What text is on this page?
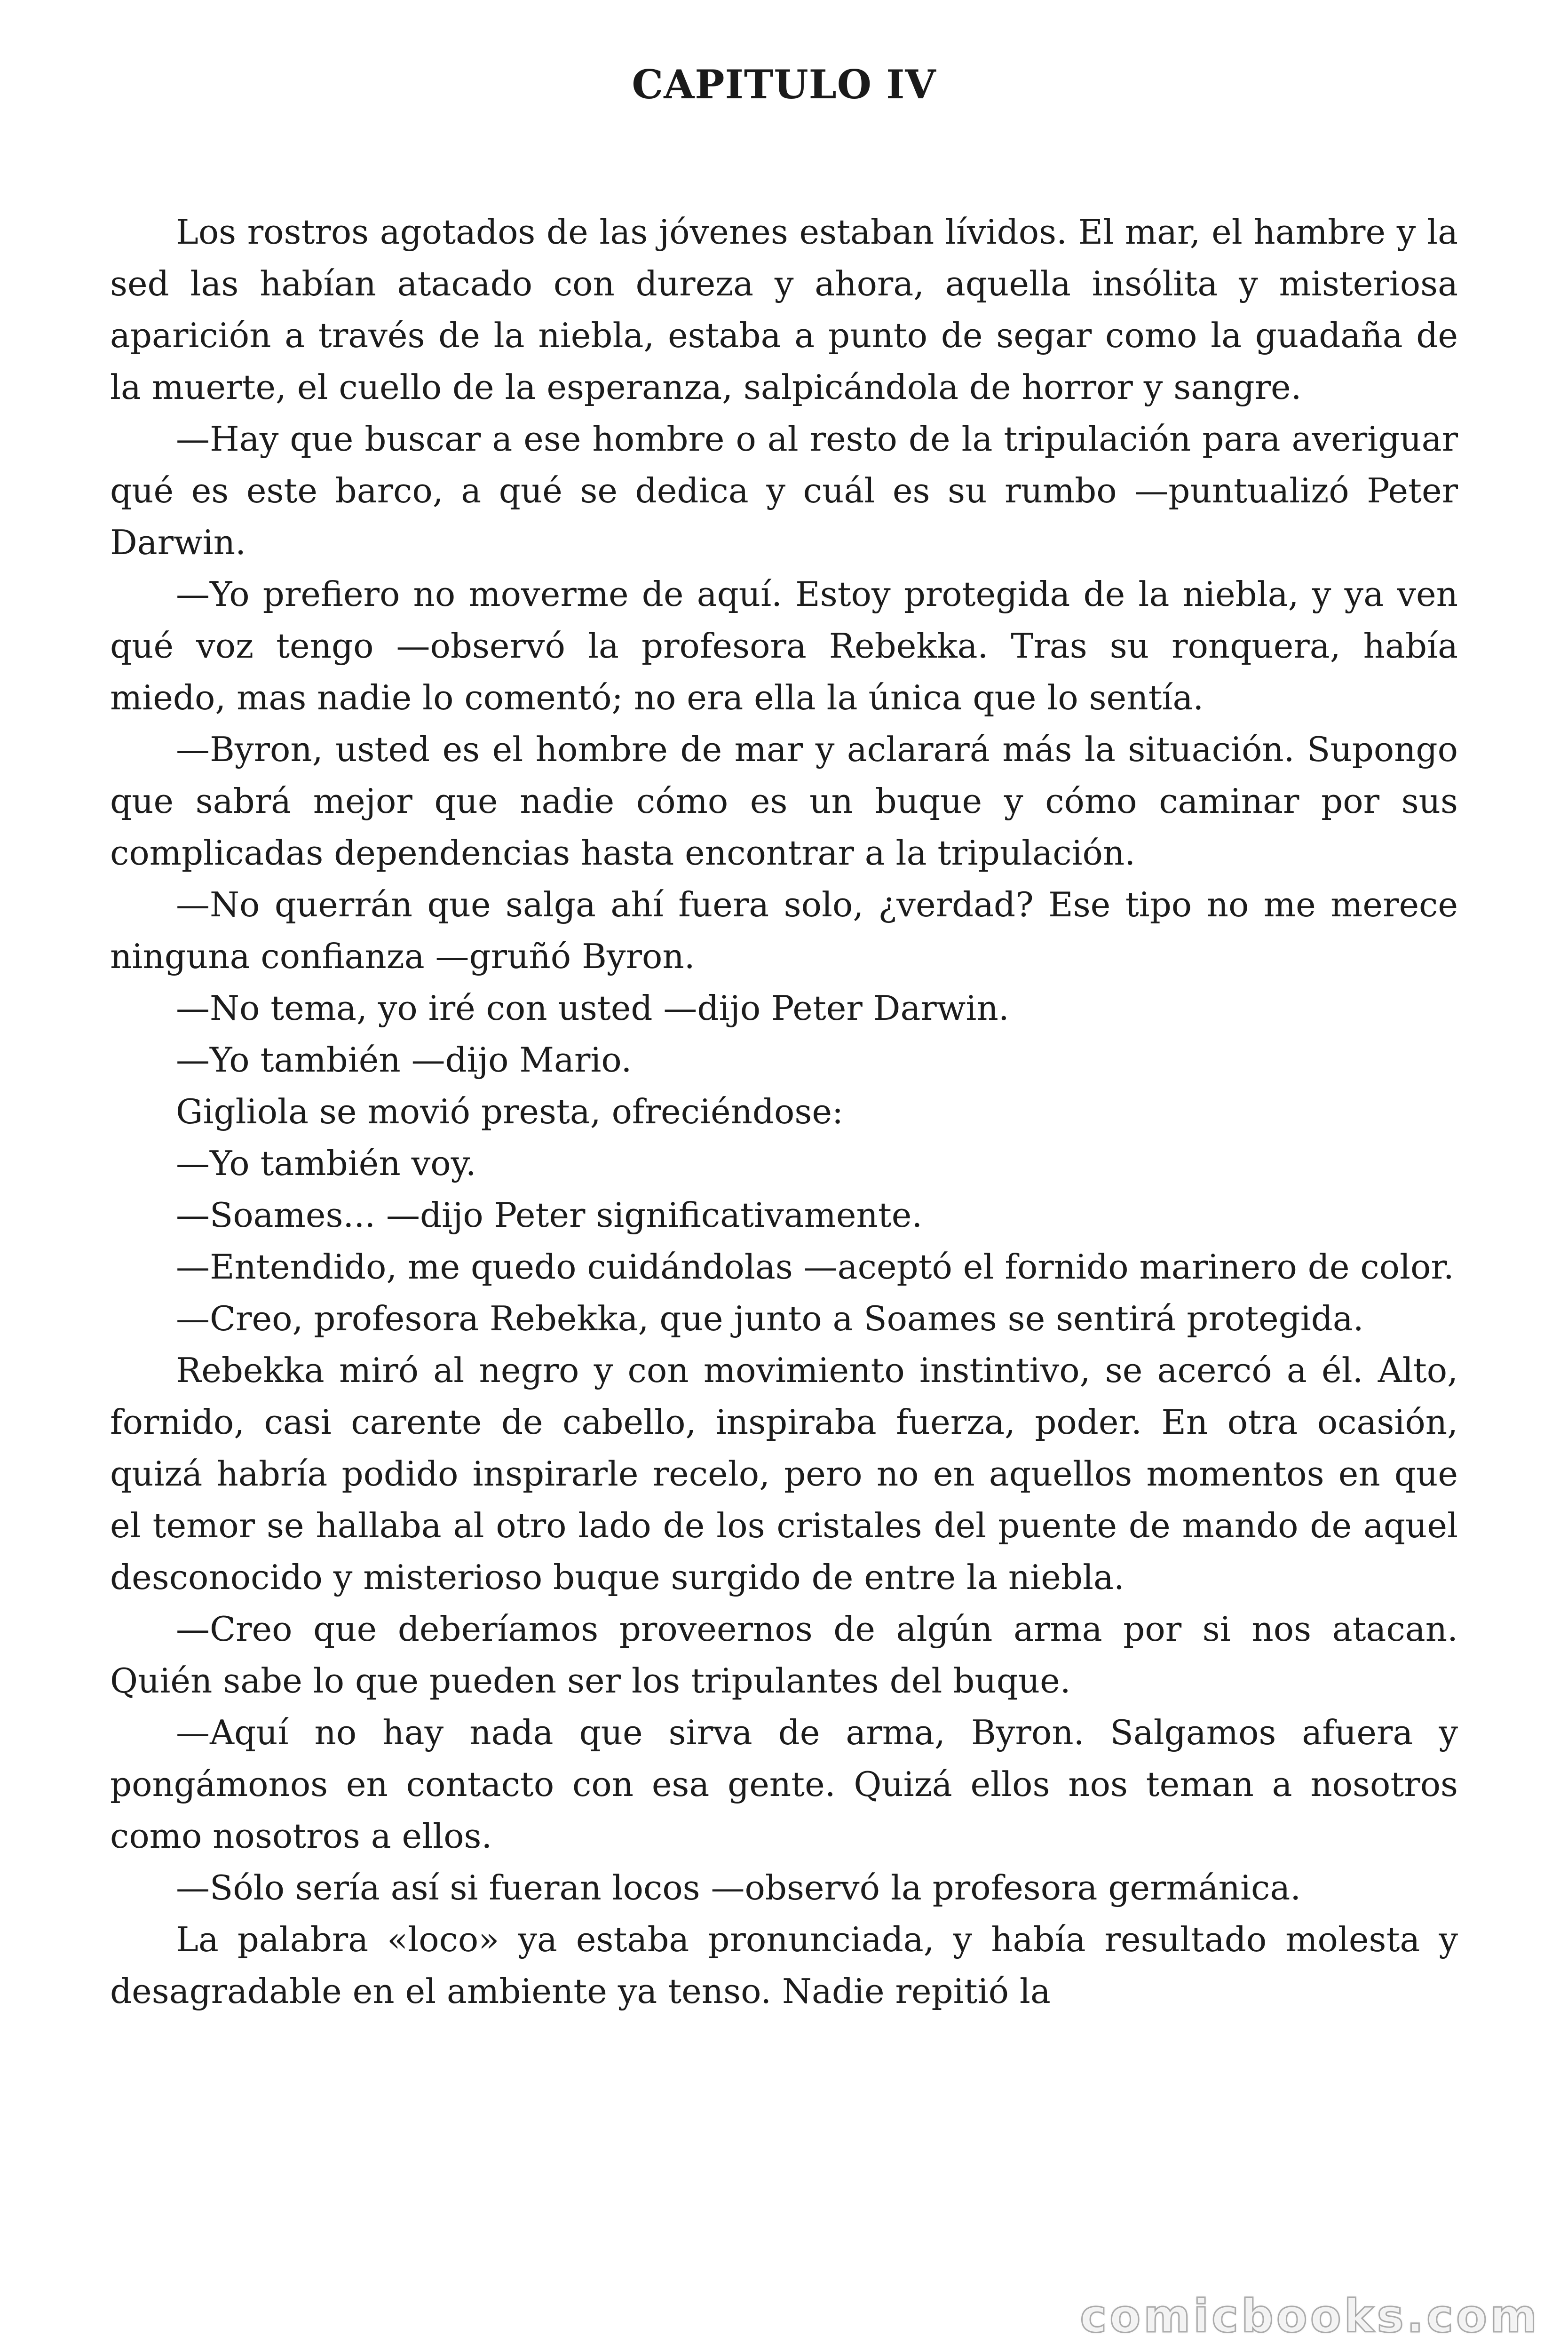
CAPITULO IV

Los rostros agotados de las jóvenes estaban lívidos. El mar, el hambre y la sed las habían atacado con dureza y ahora, aquella insólita y misteriosa aparición a través de la niebla, estaba a punto de segar como la guadaña de la muerte, el cuello de la esperanza, salpicándola de horror y sangre.

—Hay que buscar a ese hombre o al resto de la tripulación para averiguar qué es este barco, a qué se dedica y cuál es su rumbo —puntualizó Peter Darwin.

—Yo prefiero no moverme de aquí. Estoy protegida de la niebla, y ya ven qué voz tengo —observó la profesora Rebekka. Tras su ronquera, había miedo, mas nadie lo comentó; no era ella la única que lo sentía.

—Byron, usted es el hombre de mar y aclarará más la situación. Supongo que sabrá mejor que nadie cómo es un buque y cómo caminar por sus complicadas dependencias hasta encontrar a la tripulación.

—No querrán que salga ahí fuera solo, ¿verdad? Ese tipo no me merece ninguna confianza —gruñó Byron.

—No tema, yo iré con usted —dijo Peter Darwin.

—Yo también —dijo Mario.

Gigliola se movió presta, ofreciéndose:

—Yo también voy.

—Soames... —dijo Peter significativamente.

—Entendido, me quedo cuidándolas —aceptó el fornido marinero de color.

—Creo, profesora Rebekka, que junto a Soames se sentirá protegida.

Rebekka miró al negro y con movimiento instintivo, se acercó a él. Alto, fornido, casi carente de cabello, inspiraba fuerza, poder. En otra ocasión, quizá habría podido inspirarle recelo, pero no en aquellos momentos en que el temor se hallaba al otro lado de los cristales del puente de mando de aquel desconocido y misterioso buque surgido de entre la niebla.

—Creo que deberíamos proveernos de algún arma por si nos atacan. Quién sabe lo que pueden ser los tripulantes del buque.

—Aquí no hay nada que sirva de arma, Byron. Salgamos afuera y pongámonos en contacto con esa gente. Quizá ellos nos teman a nosotros como nosotros a ellos.

—Sólo sería así si fueran locos —observó la profesora germánica.

La palabra «loco» ya estaba pronunciada, y había resultado molesta y desagradable en el ambiente ya tenso. Nadie repitió la

comicbooks.com
